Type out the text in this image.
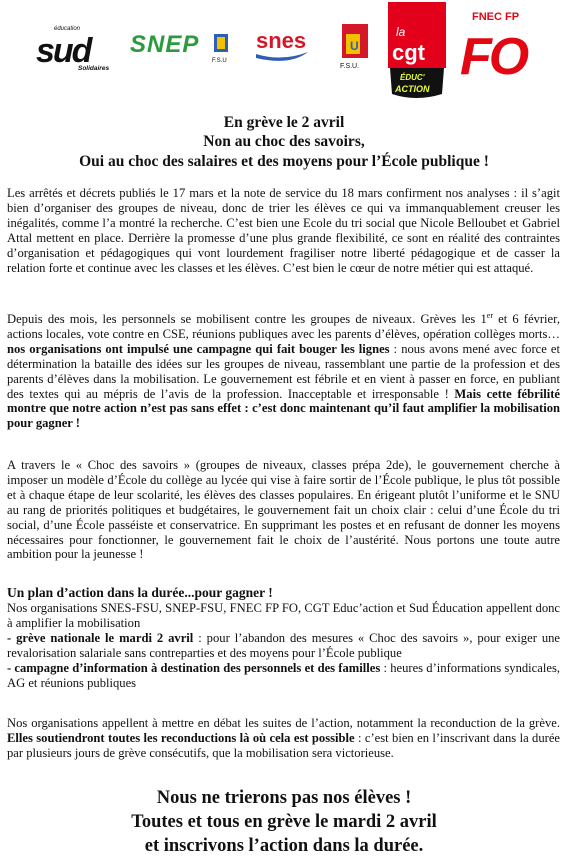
éducation
sud
Solidaires
SNEP
F.S.U
snes	U
F.S.U.
la
cgt
ÉDUC'
ACTION
FNEC FP
FO
En grève le 2 avril
Non au choc des savoirs,
Oui au choc des salaires et des moyens pour l’École publique !

Les arrêtés et décrets publiés le 17 mars et la note de service du 18 mars confirment nos analyses : il s’agit bien d’organiser des groupes de niveau, donc de trier les élèves ce qui va immanquablement creuser les inégalités, comme l’a montré la recherche. C’est bien une Ecole du tri social que Nicole Belloubet et Gabriel Attal mettent en place. Derrière la promesse d’une plus grande flexibilité, ce sont en réalité des contraintes d’organisation et pédagogiques qui vont lourdement fragiliser notre liberté pédagogique et de casser la relation forte et continue avec les classes et les élèves. C’est bien le cœur de notre métier qui est attaqué.

Depuis des mois, les personnels se mobilisent contre les groupes de niveaux. Grèves les 1er et 6 février, actions locales, vote contre en CSE, réunions publiques avec les parents d’élèves, opération collèges morts… nos organisations ont impulsé une campagne qui fait bouger les lignes : nous avons mené avec force et détermination la bataille des idées sur les groupes de niveau, rassemblant une partie de la profession et des parents d’élèves dans la mobilisation. Le gouvernement est fébrile et en vient à passer en force, en publiant des textes qui au mépris de l’avis de la profession. Inacceptable et irresponsable ! Mais cette fébrilité montre que notre action n’est pas sans effet : c’est donc maintenant qu’il faut amplifier la mobilisation pour gagner !

A travers le « Choc des savoirs » (groupes de niveaux, classes prépa 2de), le gouvernement cherche à imposer un modèle d’École du collège au lycée qui vise à faire sortir de l’École publique, le plus tôt possible et à chaque étape de leur scolarité, les élèves des classes populaires. En érigeant plutôt l’uniforme et le SNU au rang de priorités politiques et budgétaires, le gouvernement fait un choix clair : celui d’une École du tri social, d’une École passéiste et conservatrice. En supprimant les postes et en refusant de donner les moyens nécessaires pour fonctionner, le gouvernement fait le choix de l’austérité. Nous portons une toute autre ambition pour la jeunesse !

Un plan d’action dans la durée...pour gagner !

Nos organisations SNES-FSU, SNEP-FSU, FNEC FP FO, CGT Educ’action et Sud Éducation appellent donc à amplifier la mobilisation
- grève nationale le mardi 2 avril : pour l’abandon des mesures « Choc des savoirs », pour exiger une revalorisation salariale sans contreparties et des moyens pour l’École publique
- campagne d’information à destination des personnels et des familles : heures d’informations syndicales, AG et réunions publiques

Nos organisations appellent à mettre en débat les suites de l’action, notamment la reconduction de la grève. Elles soutiendront toutes les reconductions là où cela est possible : c’est bien en l’inscrivant dans la durée par plusieurs jours de grève consécutifs, que la mobilisation sera victorieuse.

Nous ne trierons pas nos élèves !
Toutes et tous en grève le mardi 2 avril
et inscrivons l’action dans la durée.
